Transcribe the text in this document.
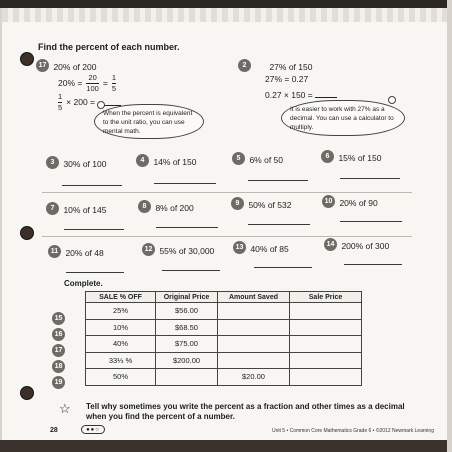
Find the percent of each number.
17 20% of 200
$20\% = \frac{20}{100} = \frac{1}{5}$
$\frac{1}{5} \times 200$ =
When the percent is equivalent to the unit ratio, you can use mental math.
2	27% of 150
27% = 0.27
0.27 × 150 =
It is easier to work with 27% as a decimal. You can use a calculator to multiply.
3 30% of 100	4 14% of 150	5 6% of 50	6 15% of 150
7 10% of 145	8 8% of 200	9 50% of 532	10 20% of 90
11 20% of 48	12 55% of 30,000	13 40% of 85	14 200% of 300
Complete.
15
16
17
18
19
SALE % OFF	Original Price	Amount Saved	Sale Price
25%	$56.00		
10%	$68.50		
40%	$75.00		
33⅓ %	$200.00		
50%		$20.00	
☆ Tell why sometimes you write the percent as a fraction and other times as a decimal when you find the percent of a number.
28	●●○	Unit 5 • Common Core Mathematics Grade 6 • ©2012 Newmark Learning
